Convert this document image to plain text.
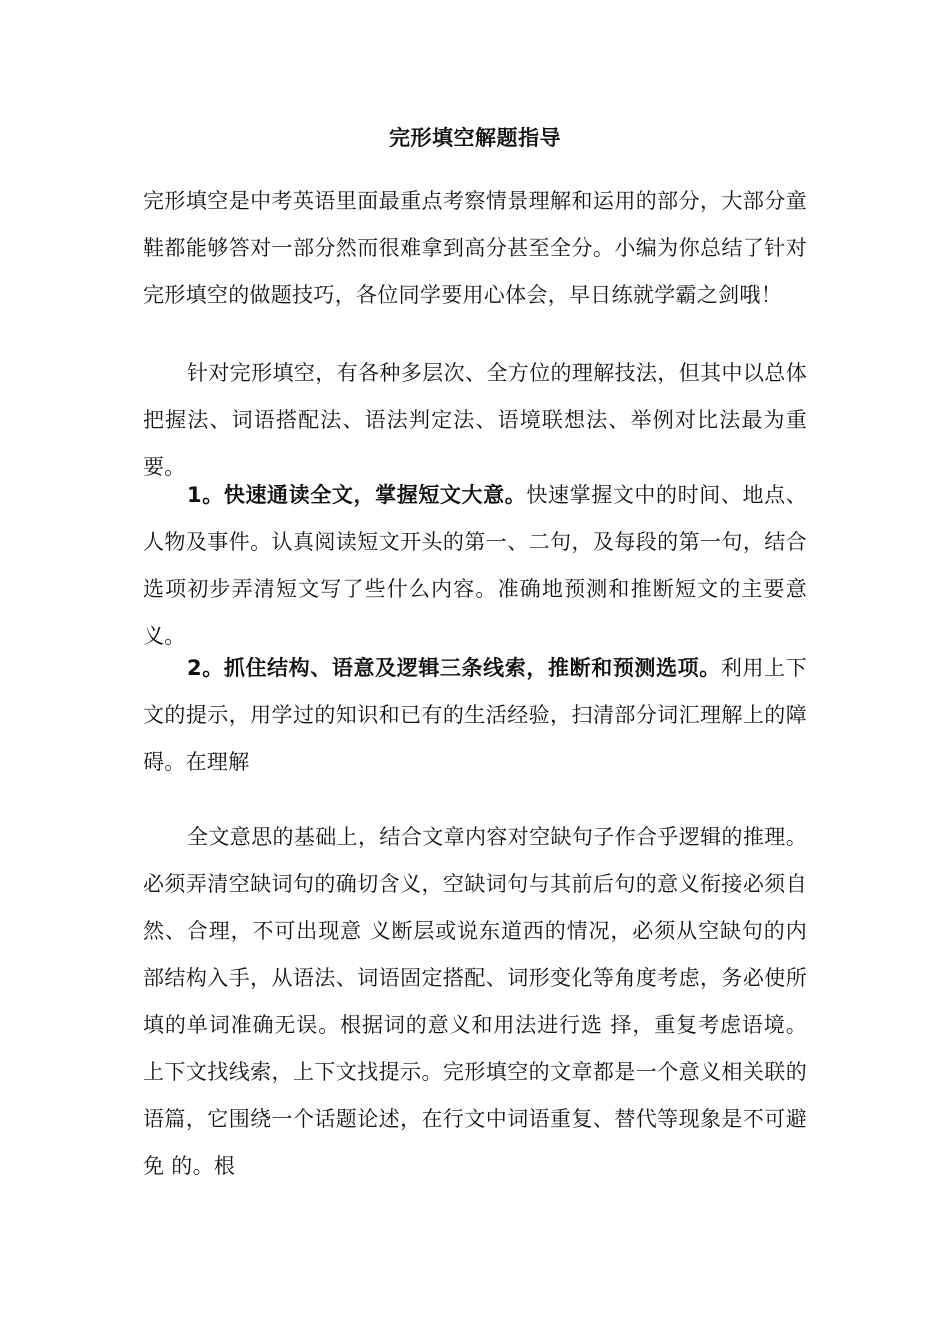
完形填空解题指导

完形填空是中考英语里面最重点考察情景理解和运用的部分，大部分童鞋都能够答对一部分然而很难拿到高分甚至全分。小编为你总结了针对完形填空的做题技巧，各位同学要用心体会，早日练就学霸之剑哦！

针对完形填空，有各种多层次、全方位的理解技法，但其中以总体把握法、词语搭配法、语法判定法、语境联想法、举例对比法最为重要。

1。快速通读全文，掌握短文大意。快速掌握文中的时间、地点、人物及事件。认真阅读短文开头的第一、二句，及每段的第一句，结合选项初步弄清短文写了些什么内容。准确地预测和推断短文的主要意义。

2。抓住结构、语意及逻辑三条线索，推断和预测选项。利用上下文的提示，用学过的知识和已有的生活经验，扫清部分词汇理解上的障碍。在理解

全文意思的基础上，结合文章内容对空缺句子作合乎逻辑的推理。必须弄清空缺词句的确切含义，空缺词句与其前后句的意义衔接必须自然、合理，不可出现意 义断层或说东道西的情况，必须从空缺句的内部结构入手，从语法、词语固定搭配、词形变化等角度考虑，务必使所填的单词准确无误。根据词的意义和用法进行选 择，重复考虑语境。上下文找线索，上下文找提示。完形填空的文章都是一个意义相关联的语篇，它围绕一个话题论述，在行文中词语重复、替代等现象是不可避免 的。根
